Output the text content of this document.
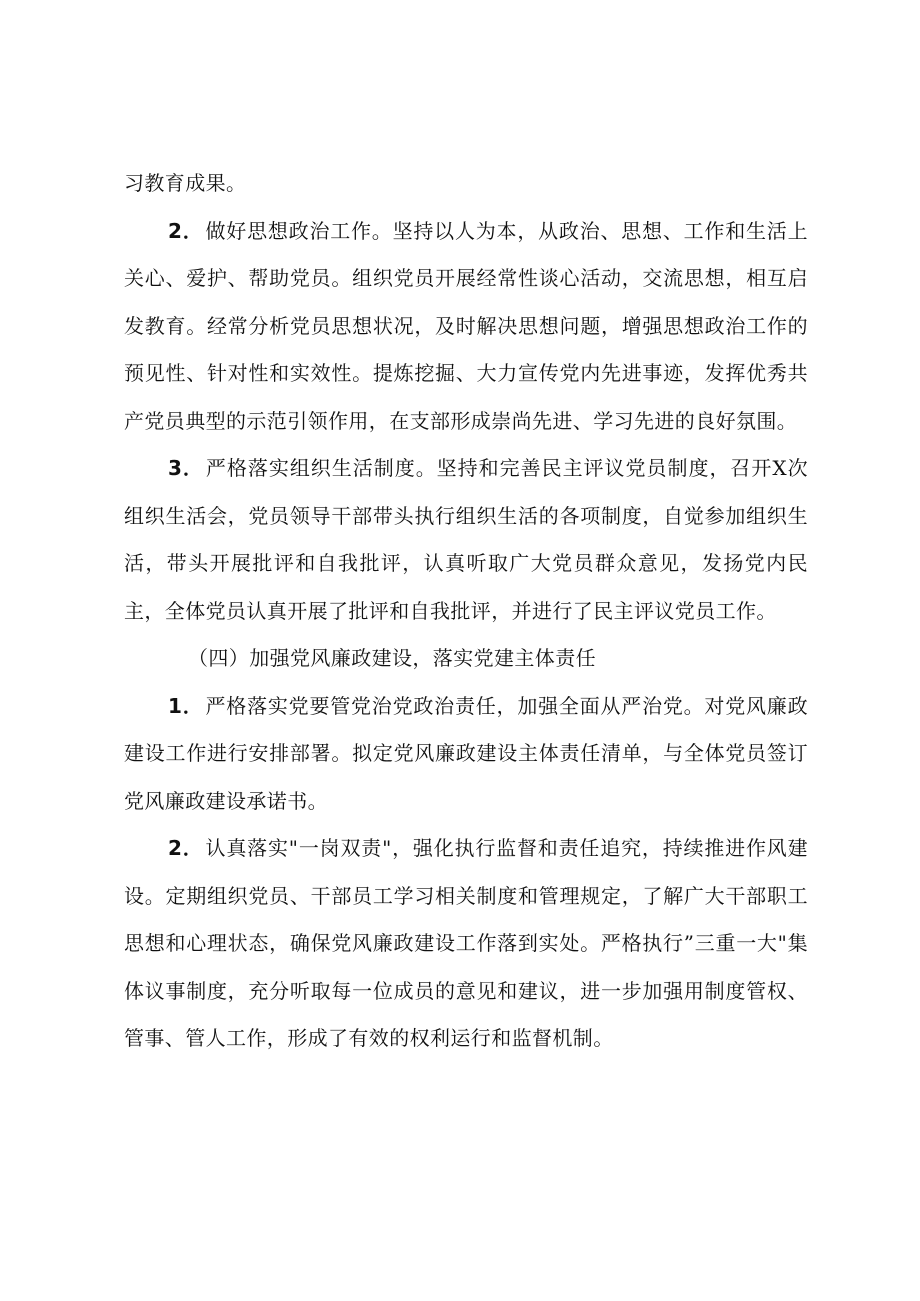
习教育成果。

2． 做好思想政治工作。坚持以人为本，从政治、思想、工作和生活上关心、爱护、帮助党员。组织党员开展经常性谈心活动，交流思想，相互启发教育。经常分析党员思想状况，及时解决思想问题，增强思想政治工作的预见性、针对性和实效性。提炼挖掘、大力宣传党内先进事迹，发挥优秀共产党员典型的示范引领作用，在支部形成崇尚先进、学习先进的良好氛围。

3． 严格落实组织生活制度。坚持和完善民主评议党员制度，召开X次组织生活会，党员领导干部带头执行组织生活的各项制度，自觉参加组织生活，带头开展批评和自我批评，认真听取广大党员群众意见，发扬党内民主，全体党员认真开展了批评和自我批评，并进行了民主评议党员工作。

（四）加强党风廉政建设，落实党建主体责任

1． 严格落实党要管党治党政治责任，加强全面从严治党。对党风廉政建设工作进行安排部署。拟定党风廉政建设主体责任清单，与全体党员签订党风廉政建设承诺书。

2． 认真落实"一岗双责"，强化执行监督和责任追究，持续推进作风建设。定期组织党员、干部员工学习相关制度和管理规定，了解广大干部职工思想和心理状态，确保党风廉政建设工作落到实处。严格执行”三重一大"集体议事制度，充分听取每一位成员的意见和建议，进一步加强用制度管权、管事、管人工作，形成了有效的权利运行和监督机制。
